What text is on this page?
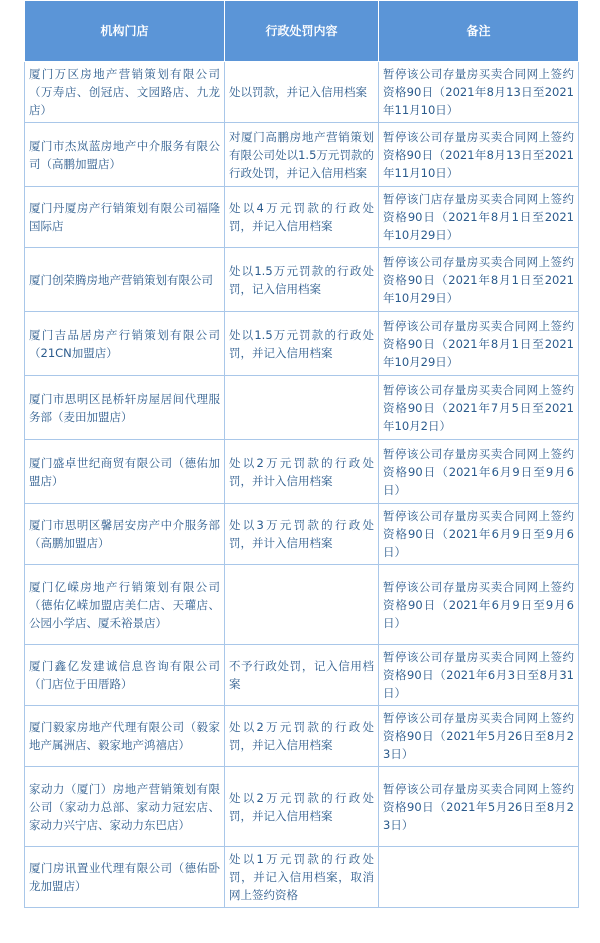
机构门店	行政处罚内容	备注
厦门万区房地产营销策划有限公司（万寿店、创冠店、文园路店、九龙店）	处以罚款，并记入信用档案	暂停该公司存量房买卖合同网上签约资格90日（2021年8月13日至2021年11月10日）
厦门市杰岚蓝房地产中介服务有限公司（高鹏加盟店）	对厦门高鹏房地产营销策划有限公司处以1.5万元罚款的行政处罚，并记入信用档案	暂停该公司存量房买卖合同网上签约资格90日（2021年8月13日至2021年11月10日）
厦门丹厦房产行销策划有限公司福隆国际店	处以4万元罚款的行政处罚，并记入信用档案	暂停该门店存量房买卖合同网上签约资格90日（2021年8月1日至2021年10月29日）
厦门创荣腾房地产营销策划有限公司	处以1.5万元罚款的行政处罚，记入信用档案	暂停该公司存量房买卖合同网上签约资格90日（2021年8月1日至2021年10月29日）
厦门吉品居房产行销策划有限公司（21CN加盟店）	处以1.5万元罚款的行政处罚，并记入信用档案	暂停该公司存量房买卖合同网上签约资格90日（2021年8月1日至2021年10月29日）
厦门市思明区昆桥轩房屋居间代理服务部（麦田加盟店）		暂停该公司存量房买卖合同网上签约资格90日（2021年7月5日至2021年10月2日）
厦门盛卓世纪商贸有限公司（德佑加盟店）	处以2万元罚款的行政处罚，并计入信用档案	暂停该公司存量房买卖合同网上签约资格90日（2021年6月9日至9月6日）
厦门市思明区馨居安房产中介服务部（高鹏加盟店）	处以3万元罚款的行政处罚，并计入信用档案	暂停该公司存量房买卖合同网上签约资格90日（2021年6月9日至9月6日）
厦门亿嵘房地产行销策划有限公司（德佑亿嵘加盟店美仁店、天瓘店、公园小学店、厦禾裕景店）		暂停该公司存量房买卖合同网上签约资格90日（2021年6月9日至9月6日）
厦门鑫亿发建诚信息咨询有限公司（门店位于田厝路）	不予行政处罚，记入信用档案	暂停该公司存量房买卖合同网上签约资格90日（2021年6月3日至8月31日）
厦门毅家房地产代理有限公司（毅家地产属洲店、毅家地产鸿禧店）	处以2万元罚款的行政处罚，并记入信用档案	暂停该公司存量房买卖合同网上签约资格90日（2021年5月26日至8月23日）
家动力（厦门）房地产营销策划有限公司（家动力总部、家动力冠宏店、家动力兴宁店、家动力东巴店）	处以2万元罚款的行政处罚，并记入信用档案	暂停该公司存量房买卖合同网上签约资格90日（2021年5月26日至8月23日）
厦门房讯置业代理有限公司（德佑卧龙加盟店）	处以1万元罚款的行政处罚，并记入信用档案，取消网上签约资格	
